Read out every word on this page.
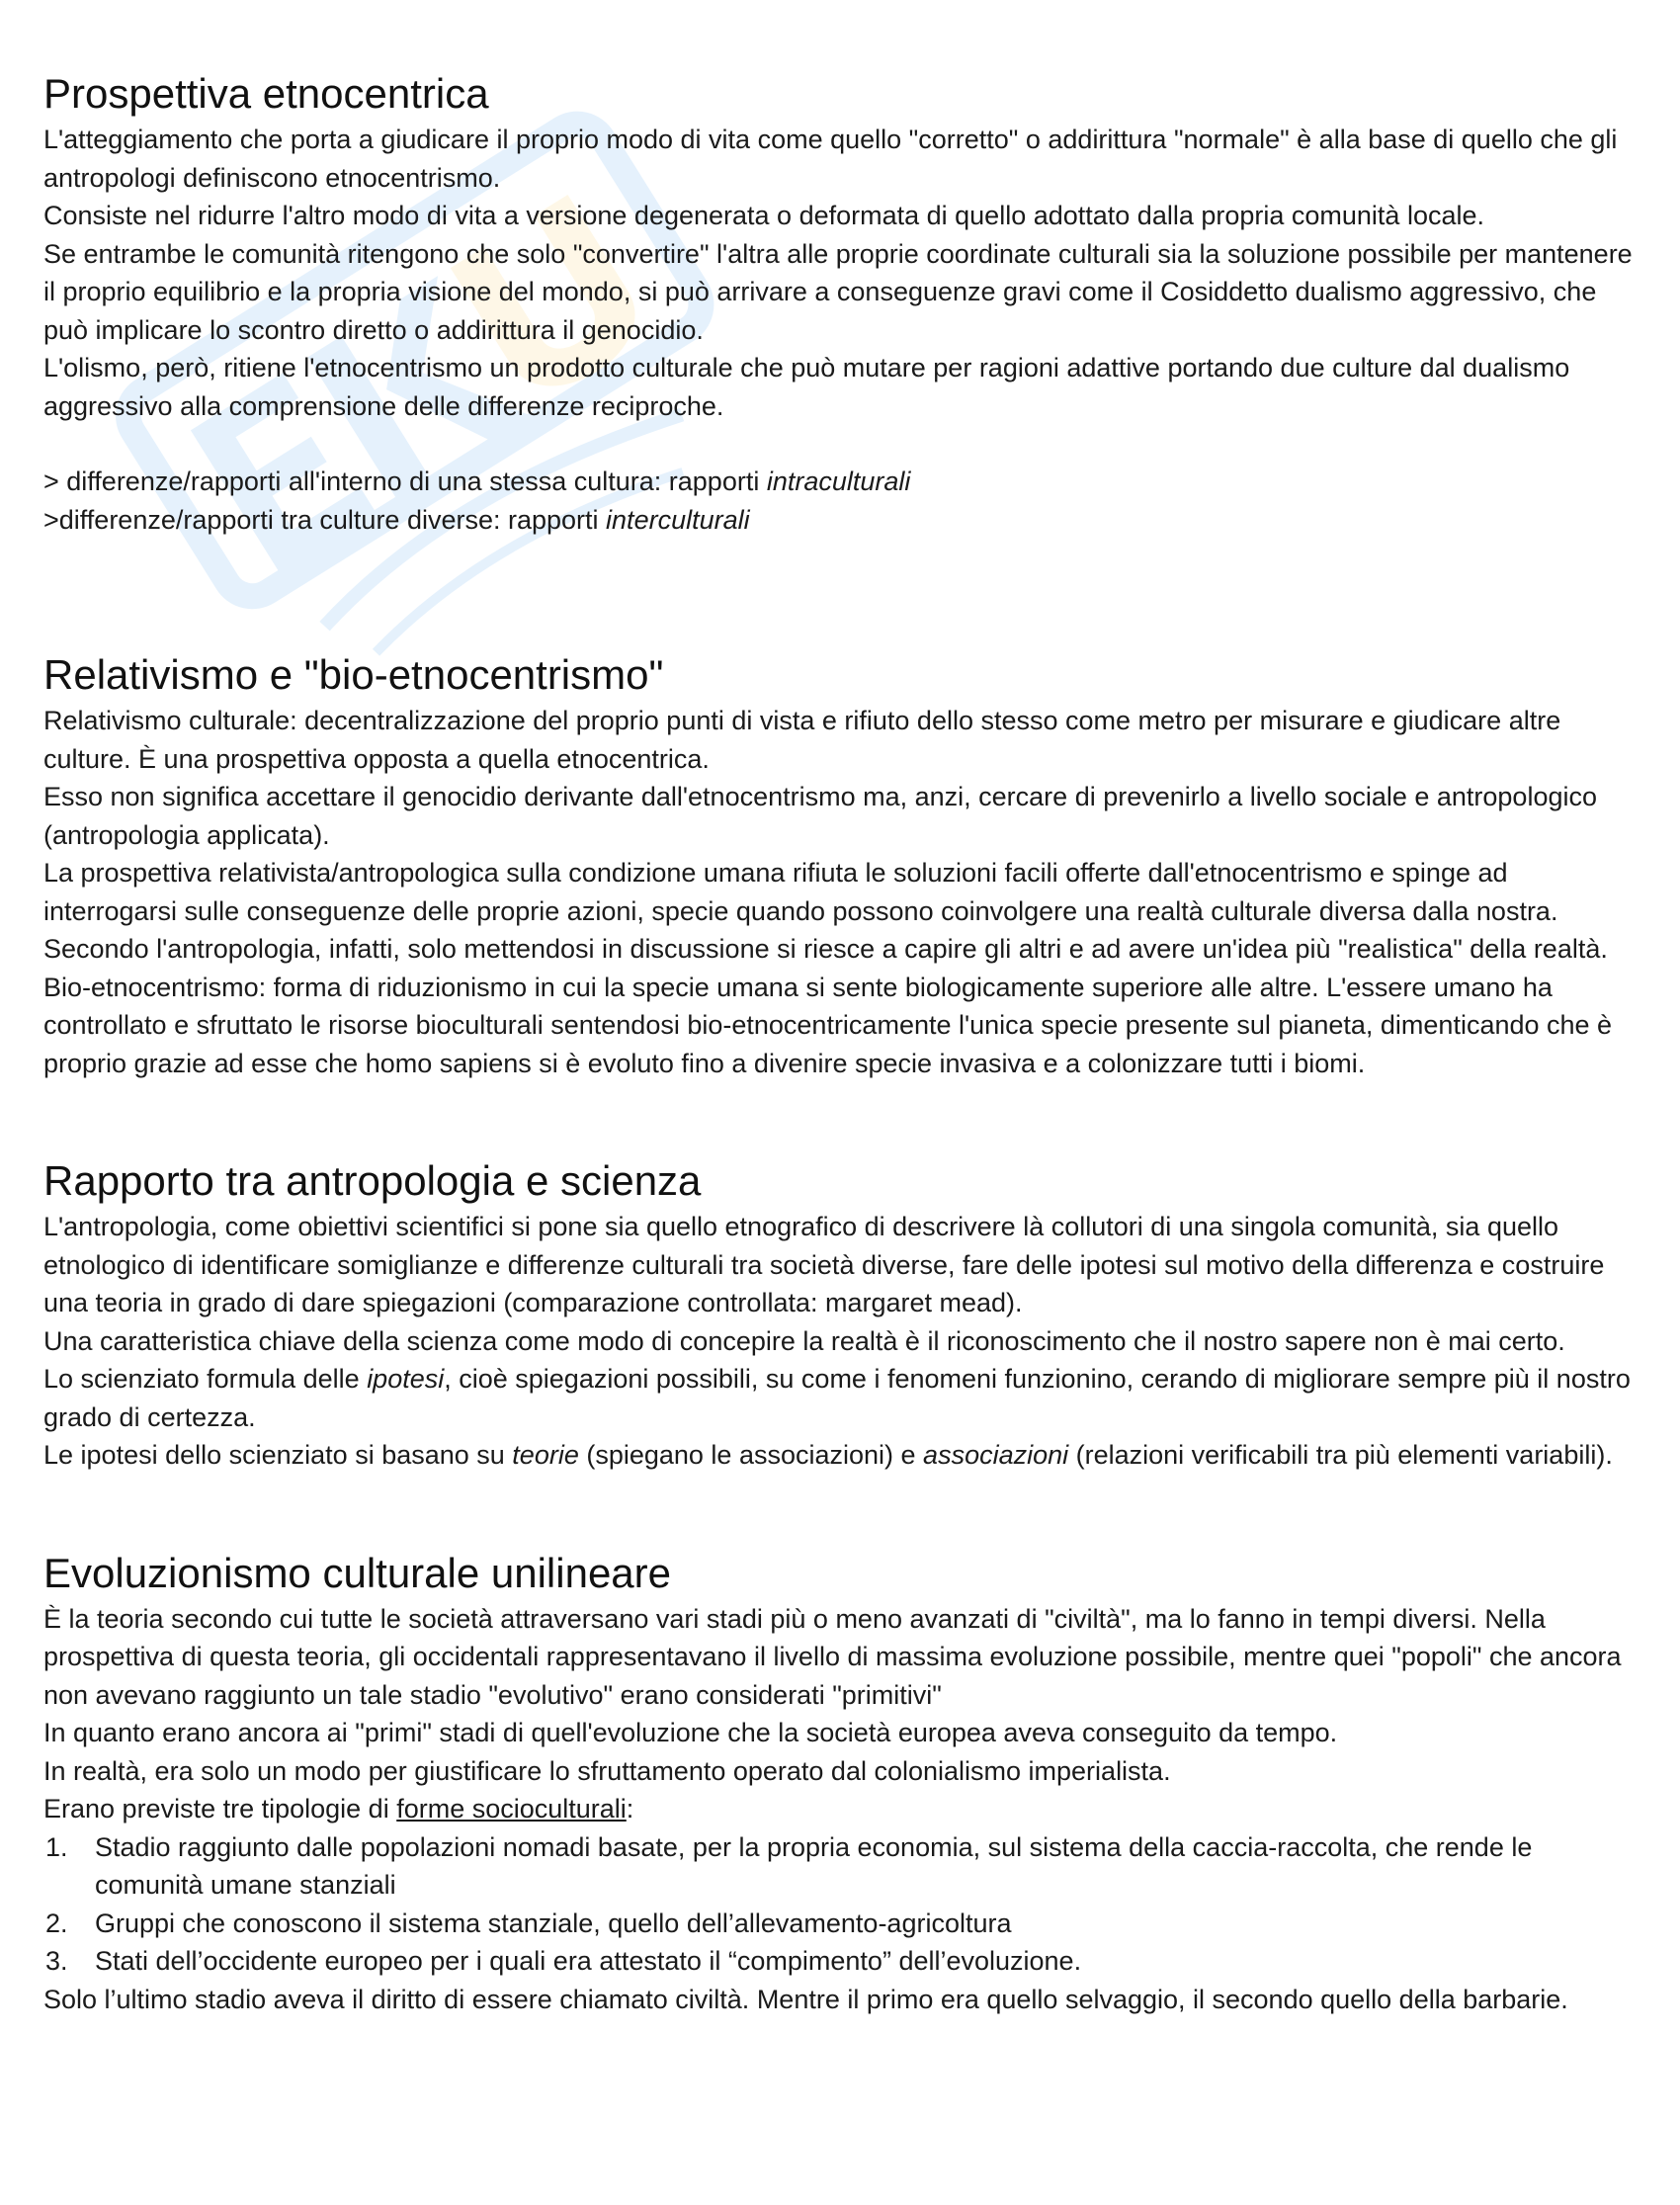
Prospettiva etnocentrica

L'atteggiamento che porta a giudicare il proprio modo di vita come quello "corretto" o addirittura "normale" è alla base di quello che gli antropologi definiscono etnocentrismo.

Consiste nel ridurre l'altro modo di vita a versione degenerata o deformata di quello adottato dalla propria comunità locale.

Se entrambe le comunità ritengono che solo "convertire" l'altra alle proprie coordinate culturali sia la soluzione possibile per mantenere il proprio equilibrio e la propria visione del mondo, si può arrivare a conseguenze gravi come il Cosiddetto dualismo aggressivo, che può implicare lo scontro diretto o addirittura il genocidio.

L'olismo, però, ritiene l'etnocentrismo un prodotto culturale che può mutare per ragioni adattive portando due culture dal dualismo aggressivo alla comprensione delle differenze reciproche.

> differenze/rapporti all'interno di una stessa cultura: rapporti intraculturali

>differenze/rapporti tra culture diverse: rapporti interculturali

Relativismo e "bio-etnocentrismo"

Relativismo culturale: decentralizzazione del proprio punti di vista e rifiuto dello stesso come metro per misurare e giudicare altre culture. È una prospettiva opposta a quella etnocentrica.

Esso non significa accettare il genocidio derivante dall'etnocentrismo ma, anzi, cercare di prevenirlo a livello sociale e antropologico (antropologia applicata).

La prospettiva relativista/antropologica sulla condizione umana rifiuta le soluzioni facili offerte dall'etnocentrismo e spinge ad interrogarsi sulle conseguenze delle proprie azioni, specie quando possono coinvolgere una realtà culturale diversa dalla nostra. Secondo l'antropologia, infatti, solo mettendosi in discussione si riesce a capire gli altri e ad avere un'idea più "realistica" della realtà.

Bio-etnocentrismo: forma di riduzionismo in cui la specie umana si sente biologicamente superiore alle altre. L'essere umano ha controllato e sfruttato le risorse bioculturali sentendosi bio-etnocentricamente l'unica specie presente sul pianeta, dimenticando che è proprio grazie ad esse che homo sapiens si è evoluto fino a divenire specie invasiva e a colonizzare tutti i biomi.

Rapporto tra antropologia e scienza

L'antropologia, come obiettivi scientifici si pone sia quello etnografico di descrivere là collutori di una singola comunità, sia quello etnologico di identificare somiglianze e differenze culturali tra società diverse, fare delle ipotesi sul motivo della differenza e costruire una teoria in grado di dare spiegazioni (comparazione controllata: margaret mead).

Una caratteristica chiave della scienza come modo di concepire la realtà è il riconoscimento che il nostro sapere non è mai certo.

Lo scienziato formula delle ipotesi, cioè spiegazioni possibili, su come i fenomeni funzionino, cerando di migliorare sempre più il nostro grado di certezza.

Le ipotesi dello scienziato si basano su teorie (spiegano le associazioni) e associazioni (relazioni verificabili tra più elementi variabili).

Evoluzionismo culturale unilineare

È la teoria secondo cui tutte le società attraversano vari stadi più o meno avanzati di "civiltà", ma lo fanno in tempi diversi. Nella prospettiva di questa teoria, gli occidentali rappresentavano il livello di massima evoluzione possibile, mentre quei "popoli" che ancora non avevano raggiunto un tale stadio "evolutivo" erano considerati "primitivi"

In quanto erano ancora ai "primi" stadi di quell'evoluzione che la società europea aveva conseguito da tempo.

In realtà, era solo un modo per giustificare lo sfruttamento operato dal colonialismo imperialista.

Erano previste tre tipologie di forme socioculturali:

1. Stadio raggiunto dalle popolazioni nomadi basate, per la propria economia, sul sistema della caccia-raccolta, che rende le comunità umane stanziali
2. Gruppi che conoscono il sistema stanziale, quello dell’allevamento-agricoltura
3. Stati dell’occidente europeo per i quali era attestato il “compimento” dell’evoluzione.

Solo l’ultimo stadio aveva il diritto di essere chiamato civiltà. Mentre il primo era quello selvaggio, il secondo quello della barbarie.
